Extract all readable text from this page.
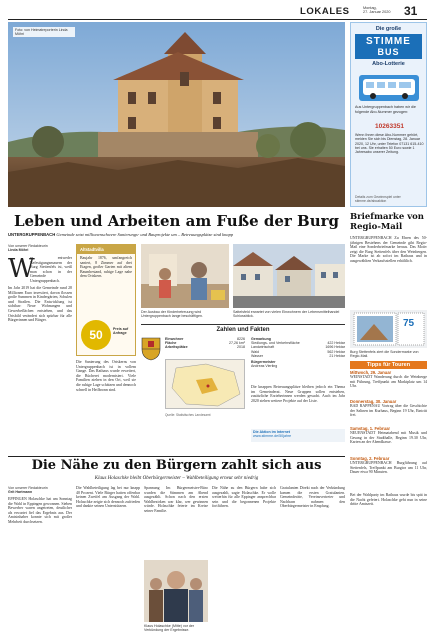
LOKALES	Montag,
27. Januar 2020 31
Foto: von Heimatreporterin Linda Möhri
Die große
STIMME
BUS
Abo-Lotterie
Aus Untergruppenbach haben wir die folgende Abo-Nummer gezogen:
10263351
Wenn Ihnen diese Abo-Nummer gehört, melden Sie sich bis Dienstag, 28. Januar 2020, 12 Uhr, unter Telefon 07131 615-410 bei uns. Sie erhalten 50 Euro sowie 1 Jahresabo unserer Zeitung.
Details zum Gewinnspiel unter stimme.de/aboaktion
Leben und Arbeiten am Fuße der Burg
UNTERGRUPPENBACH Gemeinde setzt millionenschwere Sanierungs- und Bauprojekte um – Betreuungsplätze sind knapp
Von unserer Redakteurin
Linda Möhri
W
er entweder Befestigungsmauern der Burg Stettenfels ist, weiß man schon in der Gemeinde Untergruppenbach.
Im Jahr 2019 hat die Gemeinde rund 28 Millionen Euro investiert, davon flossen große Summen in Kindergärten, Schulen und Straßen. Die Entwicklung ist sichtbar: Neue Wohnungen und Gewerbeflächen entstehen, und das Ortsbild verändert sich spürbar für alle Bürgerinnen und Bürger.
Altstadtvilla
Baujahr 1876, umfangreich saniert, 8 Zimmer auf drei Etagen, großer Garten mit altem Baumbestand, ruhige Lage nahe dem Ortskern.
50	Preis auf Anfrage
Die Sanierung des Ortskerns von Untergruppenbach ist in vollem Gange. Das Rathaus wurde erweitert, die Bücherei modernisiert. Viele Familien ziehen in den Ort, weil sie die ruhige Lage schätzen und dennoch schnell in Heilbronn sind.
Der Ausbau der Kinderbetreuung wird Untergruppenbach lange beschäftigen.
Sattelsfeld erwartet von vielen Einwohnern der Lebensmittelhandel Schlossblick.
Zahlen und Fakten
Einwohner	8226
Fläche	27,26 km²
Arbeitsplätze	2018
Gemarkung
Siedlungs- und Verkehrsfläche	422 Hektar
Landwirtschaft	1696 Hektar
Wald	562 Hektar
Wasser	21 Hektar
Bürgermeister
Andreas Vierling
Quelle: Statistisches Landesamt
Die knappen Betreuungsplätze bleiben jedoch ein Thema im Gemeinderat. Neue Gruppen sollen entstehen, zusätzliche Erzieherinnen werden gesucht. Auch im Jahr 2020 stehen weitere Projekte auf der Liste.
Die Aktion im Internet
www.stimme.de/50jahre
Briefmarke von Regio-Mail
UNTERGRUPPENBACH Zu Ehren des 50-jährigen Bestehens der Gemeinde gibt Regio-Mail eine Sonderbriefmarke heraus. Das Motiv zeigt die Burg Stettenfels über den Weinbergen. Die Marke ist ab sofort im Rathaus und in ausgewählten Verkaufsstellen erhältlich.
75
Burg Stettenfels ziert die Sondermarke von Regio-Mail.
Tipps für Touren
Mittwoch, 29. Januar
WEINSTADT Wanderung durch die Weinberge mit Führung, Treffpunkt am Marktplatz um 14 Uhr.
Donnerstag, 30. Januar
BAD RAPPENAU Vortrag über die Geschichte der Salinen im Kurhaus, Beginn 19 Uhr, Eintritt frei.
Samstag, 1. Februar
NEUENSTADT Heimatabend mit Musik und Gesang in der Stadthalle, Beginn 19.30 Uhr, Karten an der Abendkasse.
Die Nähe zu den Bürgern zahlt sich aus
Klaus Holaschke bleibt Oberbürgermeister – Wahlbeteiligung erneut sehr niedrig
Von unserer Redakteurin
Grit Hartmann
EPPINGEN Holaschke hat am Sonntag die Wahl in Eppingen gewonnen. Sieben Bewerber waren angetreten, deutlicher als erwartet fiel das Ergebnis aus. Der Amtsinhaber konnte sich mit großer Mehrheit durchsetzen.
Die Wahlbeteiligung lag bei nur knapp 40 Prozent. Viele Bürger hatten offenbar keinen Zweifel am Ausgang der Wahl. Holaschke zeigte sich dennoch zufrieden und dankte seinen Unterstützern.
Spannung Im Bürgermeister-Büro wurden die Stimmen am Abend ausgezählt. Schon nach den ersten Wahlbezirken war klar, wer gewinnen würde. Holaschke feierte im Kreise seiner Familie.
Die Nähe zu den Bürgern habe sich ausgezahlt, sagte Holaschke. Er wolle weiterhin für alle Eppinger ansprechbar sein und die begonnenen Projekte fortführen.
Gratulanten Direkt nach der Verkündung kamen die ersten Gratulanten. Gemeinderäte, Vereinsvertreter und Nachbarn nahmen den Oberbürgermeister in Empfang.
Klaus Holaschke (Mitte) vor der Verkündung der Ergebnisse.
Sonntag, 2. Februar
UNTERGRUPPENBACH Burgführung auf Stettenfels, Treffpunkt am Burgtor um 11 Uhr, Dauer etwa 90 Minuten.
Bei der Wahlparty im Rathaus wurde bis spät in die Nacht gefeiert. Holaschke geht nun in seine dritte Amtszeit.
